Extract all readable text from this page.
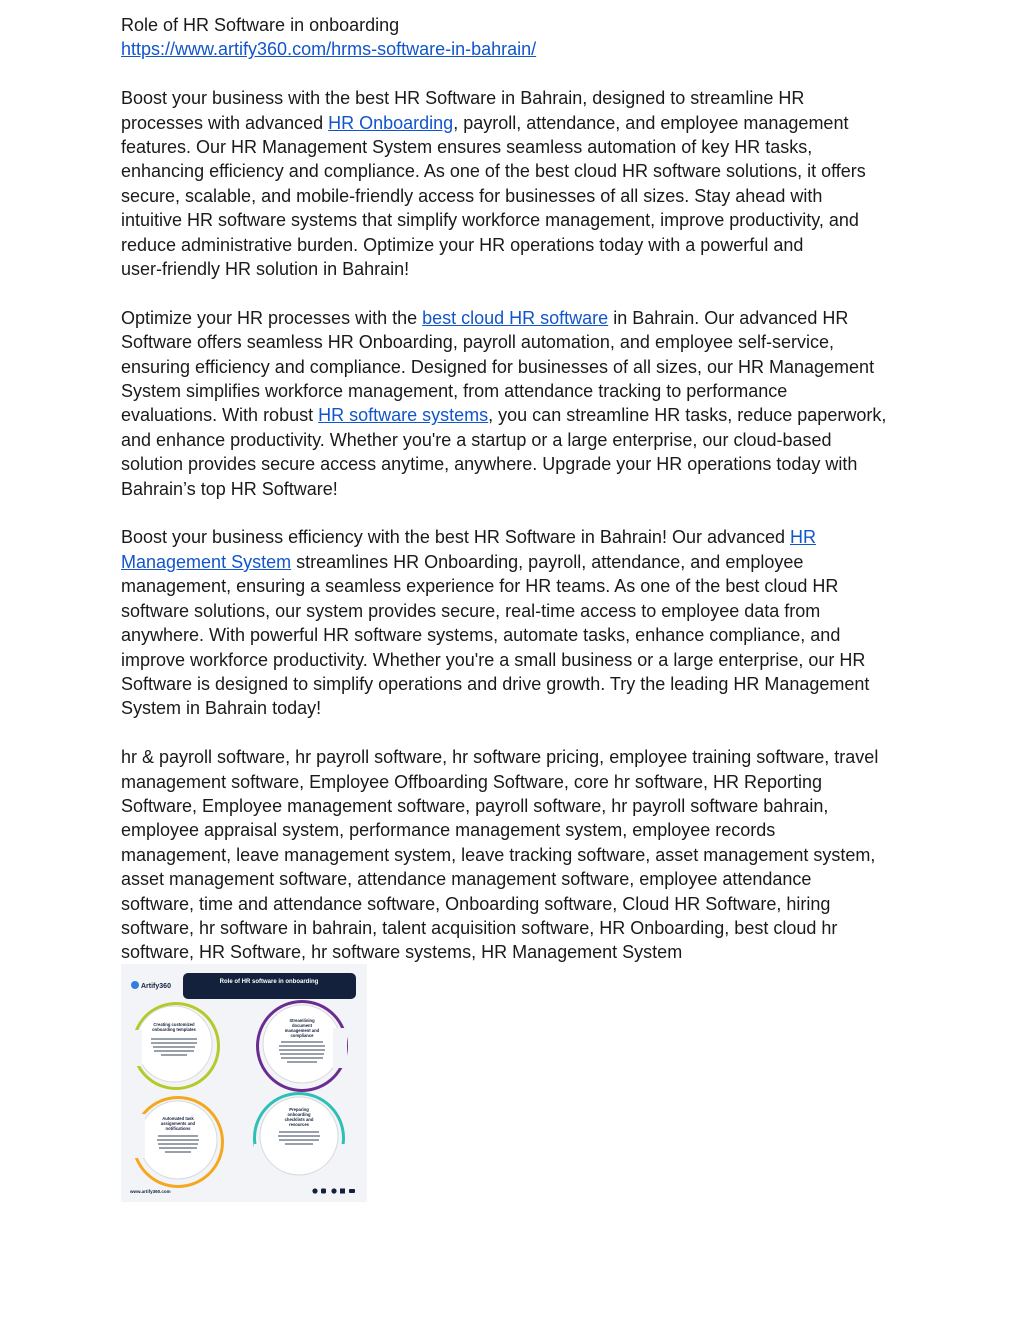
Role of HR Software in onboarding
https://www.artify360.com/hrms-software-in-bahrain/
Boost your business with the best HR Software in Bahrain, designed to streamline HR
processes with advanced HR Onboarding, payroll, attendance, and employee management
features. Our HR Management System ensures seamless automation of key HR tasks,
enhancing efficiency and compliance. As one of the best cloud HR software solutions, it offers
secure, scalable, and mobile-friendly access for businesses of all sizes. Stay ahead with
intuitive HR software systems that simplify workforce management, improve productivity, and
reduce administrative burden. Optimize your HR operations today with a powerful and
user-friendly HR solution in Bahrain!
Optimize your HR processes with the best cloud HR software in Bahrain. Our advanced HR
Software offers seamless HR Onboarding, payroll automation, and employee self-service,
ensuring efficiency and compliance. Designed for businesses of all sizes, our HR Management
System simplifies workforce management, from attendance tracking to performance
evaluations. With robust HR software systems, you can streamline HR tasks, reduce paperwork,
and enhance productivity. Whether you're a startup or a large enterprise, our cloud-based
solution provides secure access anytime, anywhere. Upgrade your HR operations today with
Bahrain’s top HR Software!
Boost your business efficiency with the best HR Software in Bahrain! Our advanced HR
Management System streamlines HR Onboarding, payroll, attendance, and employee
management, ensuring a seamless experience for HR teams. As one of the best cloud HR
software solutions, our system provides secure, real-time access to employee data from
anywhere. With powerful HR software systems, automate tasks, enhance compliance, and
improve workforce productivity. Whether you're a small business or a large enterprise, our HR
Software is designed to simplify operations and drive growth. Try the leading HR Management
System in Bahrain today!
hr & payroll software, hr payroll software, hr software pricing, employee training software, travel
management software, Employee Offboarding Software, core hr software, HR Reporting
Software, Employee management software, payroll software, hr payroll software bahrain,
employee appraisal system, performance management system, employee records
management, leave management system, leave tracking software, asset management system,
asset management software, attendance management software, employee attendance
software, time and attendance software, Onboarding software, Cloud HR Software, hiring
software, hr software in bahrain, talent acquisition software, HR Onboarding, best cloud hr
software, HR Software, hr software systems, HR Management System
Artify360
Role of HR software in onboarding
Creating customized
onboarding templates
Streamlining
document
management and
compliance
Automated task
assignments and
notifications
Preparing
onboarding
checklists and
resources
www.artify360.com
